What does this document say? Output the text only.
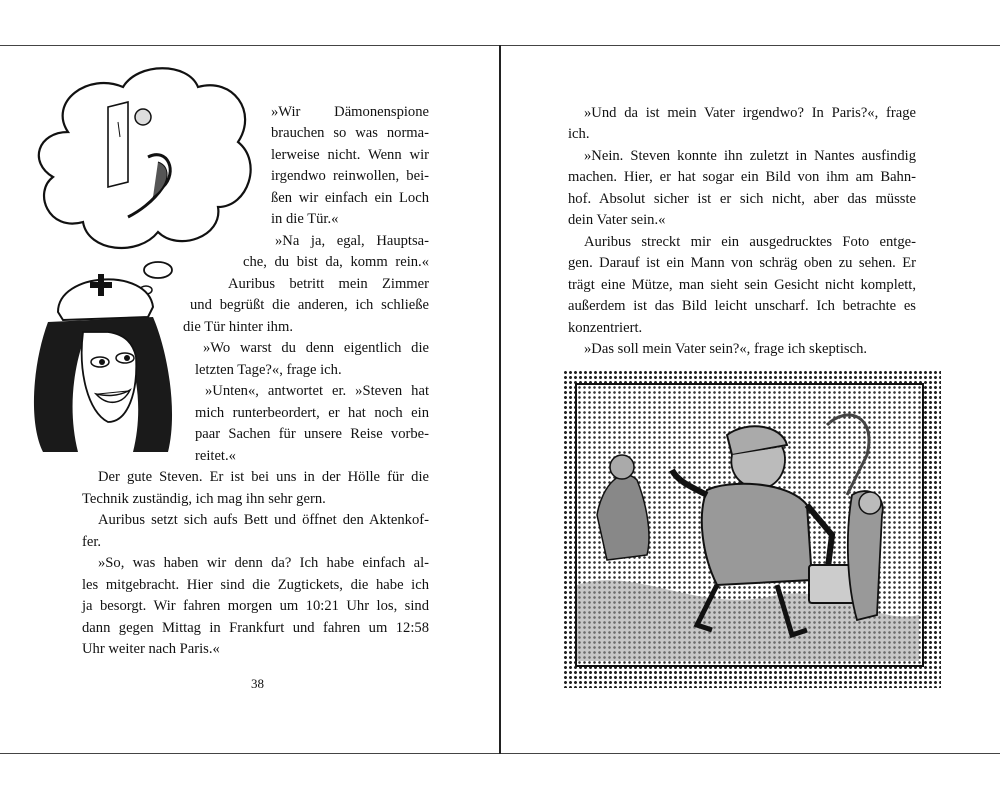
»Wir Dämonenspione
brauchen so was norma-
lerweise nicht. Wenn wir
irgendwo reinwollen, bei-
ßen wir einfach ein Loch
in die Tür.«
»Na ja, egal, Hauptsa-
che, du bist da, komm rein.«
Auribus betritt mein Zimmer
und begrüßt die anderen, ich schließe
die Tür hinter ihm.
»Wo warst du denn eigentlich die
letzten Tage?«, frage ich.
»Unten«, antwortet er. »Steven hat
mich runterbeordert, er hat noch ein
paar Sachen für unsere Reise vorbe-
reitet.«
Der gute Steven. Er ist bei uns in der Hölle für die
Technik zuständig, ich mag ihn sehr gern.
Auribus setzt sich aufs Bett und öffnet den Aktenkof-
fer.
»So, was haben wir denn da? Ich habe einfach al-
les mitgebracht. Hier sind die Zugtickets, die habe ich
ja besorgt. Wir fahren morgen um 10:21 Uhr los, sind
dann gegen Mittag in Frankfurt und fahren um 12:58
Uhr weiter nach Paris.«
38
»Und da ist mein Vater irgendwo? In Paris?«, frage
ich.
»Nein. Steven konnte ihn zuletzt in Nantes ausfindig
machen. Hier, er hat sogar ein Bild von ihm am Bahn-
hof. Absolut sicher ist er sich nicht, aber das müsste
dein Vater sein.«
Auribus streckt mir ein ausgedrucktes Foto entge-
gen. Darauf ist ein Mann von schräg oben zu sehen. Er
trägt eine Mütze, man sieht sein Gesicht nicht komplett,
außerdem ist das Bild leicht unscharf. Ich betrachte es
konzentriert.
»Das soll mein Vater sein?«, frage ich skeptisch.
